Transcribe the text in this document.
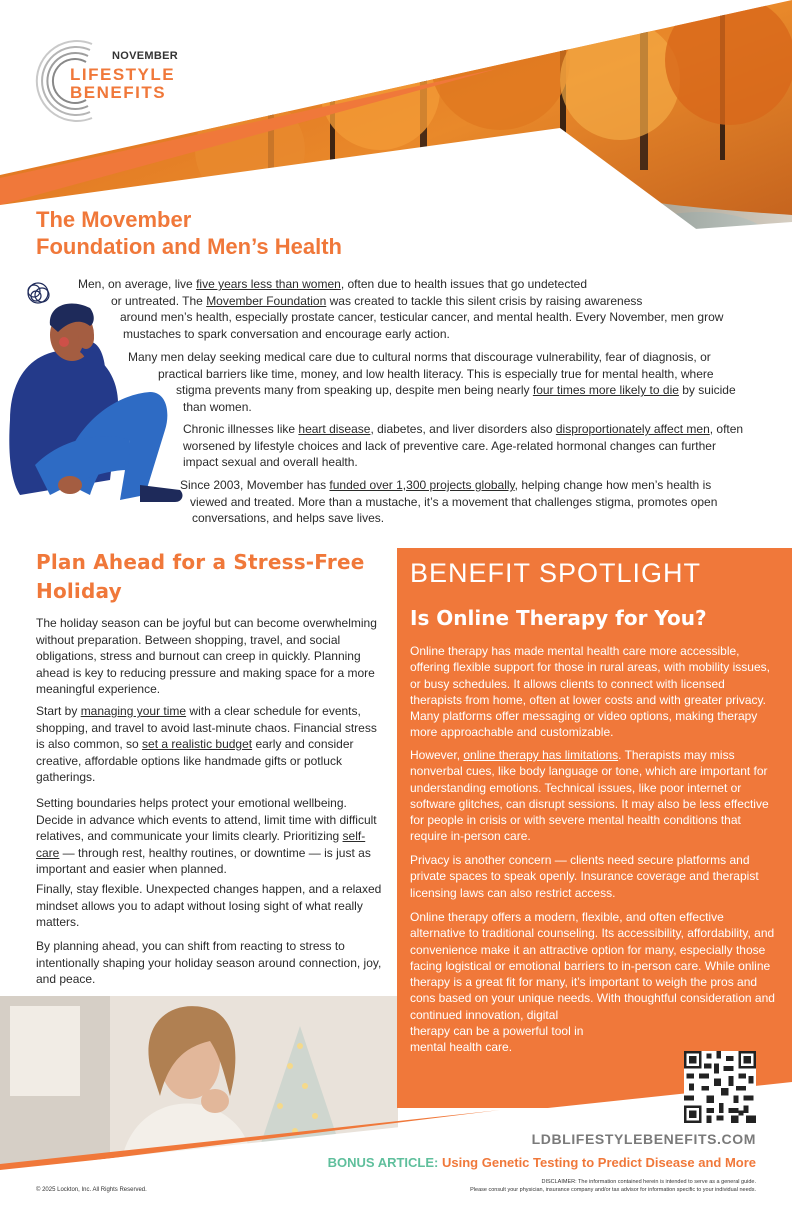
NOVEMBER
LIFESTYLE
BENEFITS
The Movember
Foundation and Men’s Health
Men, on average, live five years less than women, often due to health issues that go undetected
or untreated. The Movember Foundation was created to tackle this silent crisis by raising awareness
around men’s health, especially prostate cancer, testicular cancer, and mental health. Every November, men grow
mustaches to spark conversation and encourage early action.
Many men delay seeking medical care due to cultural norms that discourage vulnerability, fear of diagnosis, or
practical barriers like time, money, and low health literacy. This is especially true for mental health, where
stigma prevents many from speaking up, despite men being nearly four times more likely to die by suicide
than women.
Chronic illnesses like heart disease, diabetes, and liver disorders also disproportionately affect men, often
worsened by lifestyle choices and lack of preventive care. Age-related hormonal changes can further
impact sexual and overall health.
Since 2003, Movember has funded over 1,300 projects globally, helping change how men’s health is
viewed and treated. More than a mustache, it’s a movement that challenges stigma, promotes open
conversations, and helps save lives.
Plan Ahead for a Stress-Free
Holiday

The holiday season can be joyful but can become overwhelming without preparation. Between shopping, travel, and social obligations, stress and burnout can creep in quickly. Planning ahead is key to reducing pressure and making space for a more meaningful experience.

Start by managing your time with a clear schedule for events, shopping, and travel to avoid last-minute chaos. Financial stress is also common, so set a realistic budget early and consider creative, affordable options like handmade gifts or potluck gatherings.

Setting boundaries helps protect your emotional wellbeing. Decide in advance which events to attend, limit time with difficult relatives, and communicate your limits clearly. Prioritizing self-care — through rest, healthy routines, or downtime — is just as important and easier when planned.

Finally, stay flexible. Unexpected changes happen, and a relaxed mindset allows you to adapt without losing sight of what really matters.

By planning ahead, you can shift from reacting to stress to intentionally shaping your holiday season around connection, joy, and peace.

BENEFIT SPOTLIGHT
Is Online Therapy for You?

Online therapy has made mental health care more accessible, offering flexible support for those in rural areas, with mobility issues, or busy schedules. It allows clients to connect with licensed therapists from home, often at lower costs and with greater privacy. Many platforms offer messaging or video options, making therapy more approachable and customizable.

However, online therapy has limitations. Therapists may miss nonverbal cues, like body language or tone, which are important for understanding emotions. Technical issues, like poor internet or software glitches, can disrupt sessions. It may also be less effective for people in crisis or with severe mental health conditions that require in-person care.

Privacy is another concern — clients need secure platforms and private spaces to speak openly. Insurance coverage and therapist licensing laws can also restrict access.

Online therapy offers a modern, flexible, and often effective alternative to traditional counseling. Its accessibility, affordability, and convenience make it an attractive option for many, especially those facing logistical or emotional barriers to in-person care. While online therapy is a great fit for many, it’s important to weigh the pros and cons based on your unique needs. With thoughtful consideration and continued innovation, digital
therapy can be a powerful tool in
mental health care.

LDBLIFESTYLEBENEFITS.COM
BONUS ARTICLE: Using Genetic Testing to Predict Disease and More
© 2025 Lockton, Inc. All Rights Reserved.
DISCLAIMER: The information contained herein is intended to serve as a general guide.
Please consult your physician, insurance company and/or tax advisor for information specific to your individual needs.
